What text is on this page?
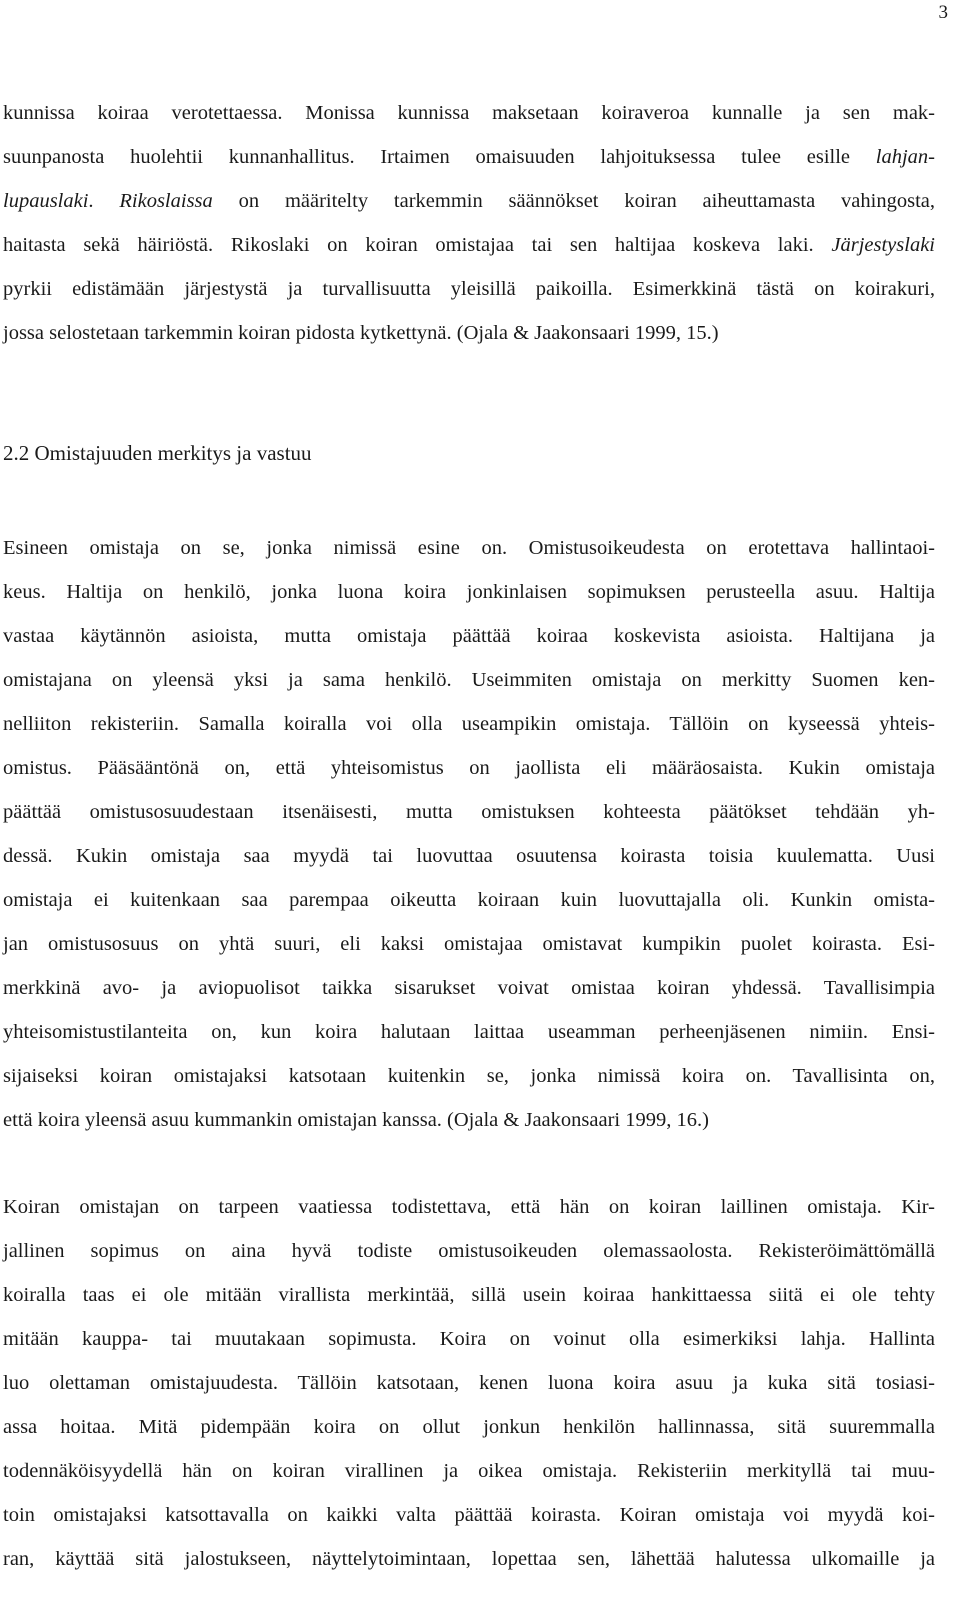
3
kunnissa koiraa verotettaessa. Monissa kunnissa maksetaan koiraveroa kunnalle ja sen mak-
suunpanosta huolehtii kunnanhallitus. Irtaimen omaisuuden lahjoituksessa tulee esille lahjan-
lupauslaki. Rikoslaissa on määritelty tarkemmin säännökset koiran aiheuttamasta vahingosta,
haitasta sekä häiriöstä. Rikoslaki on koiran omistajaa tai sen haltijaa koskeva laki. Järjestyslaki
pyrkii edistämään järjestystä ja turvallisuutta yleisillä paikoilla. Esimerkkinä tästä on koirakuri,
jossa selostetaan tarkemmin koiran pidosta kytkettynä. (Ojala & Jaakonsaari 1999, 15.)
2.2 Omistajuuden merkitys ja vastuu
Esineen omistaja on se, jonka nimissä esine on. Omistusoikeudesta on erotettava hallintaoi-
keus. Haltija on henkilö, jonka luona koira jonkinlaisen sopimuksen perusteella asuu. Haltija
vastaa käytännön asioista, mutta omistaja päättää koiraa koskevista asioista. Haltijana ja
omistajana on yleensä yksi ja sama henkilö. Useimmiten omistaja on merkitty Suomen ken-
nelliiton rekisteriin. Samalla koiralla voi olla useampikin omistaja. Tällöin on kyseessä yhteis-
omistus. Pääsääntönä on, että yhteisomistus on jaollista eli määräosaista. Kukin omistaja
päättää omistusosuudestaan itsenäisesti, mutta omistuksen kohteesta päätökset tehdään yh-
dessä. Kukin omistaja saa myydä tai luovuttaa osuutensa koirasta toisia kuulematta. Uusi
omistaja ei kuitenkaan saa parempaa oikeutta koiraan kuin luovuttajalla oli. Kunkin omista-
jan omistusosuus on yhtä suuri, eli kaksi omistajaa omistavat kumpikin puolet koirasta. Esi-
merkkinä avo- ja aviopuolisot taikka sisarukset voivat omistaa koiran yhdessä. Tavallisimpia
yhteisomistustilanteita on, kun koira halutaan laittaa useamman perheenjäsenen nimiin. Ensi-
sijaiseksi koiran omistajaksi katsotaan kuitenkin se, jonka nimissä koira on. Tavallisinta on,
että koira yleensä asuu kummankin omistajan kanssa. (Ojala & Jaakonsaari 1999, 16.)
Koiran omistajan on tarpeen vaatiessa todistettava, että hän on koiran laillinen omistaja. Kir-
jallinen sopimus on aina hyvä todiste omistusoikeuden olemassaolosta. Rekisteröimättömällä
koiralla taas ei ole mitään virallista merkintää, sillä usein koiraa hankittaessa siitä ei ole tehty
mitään kauppa- tai muutakaan sopimusta. Koira on voinut olla esimerkiksi lahja. Hallinta
luo olettaman omistajuudesta. Tällöin katsotaan, kenen luona koira asuu ja kuka sitä tosiasi-
assa hoitaa. Mitä pidempään koira on ollut jonkun henkilön hallinnassa, sitä suuremmalla
todennäköisyydellä hän on koiran virallinen ja oikea omistaja. Rekisteriin merkityllä tai muu-
toin omistajaksi katsottavalla on kaikki valta päättää koirasta. Koiran omistaja voi myydä koi-
ran, käyttää sitä jalostukseen, näyttelytoimintaan, lopettaa sen, lähettää halutessa ulkomaille ja
